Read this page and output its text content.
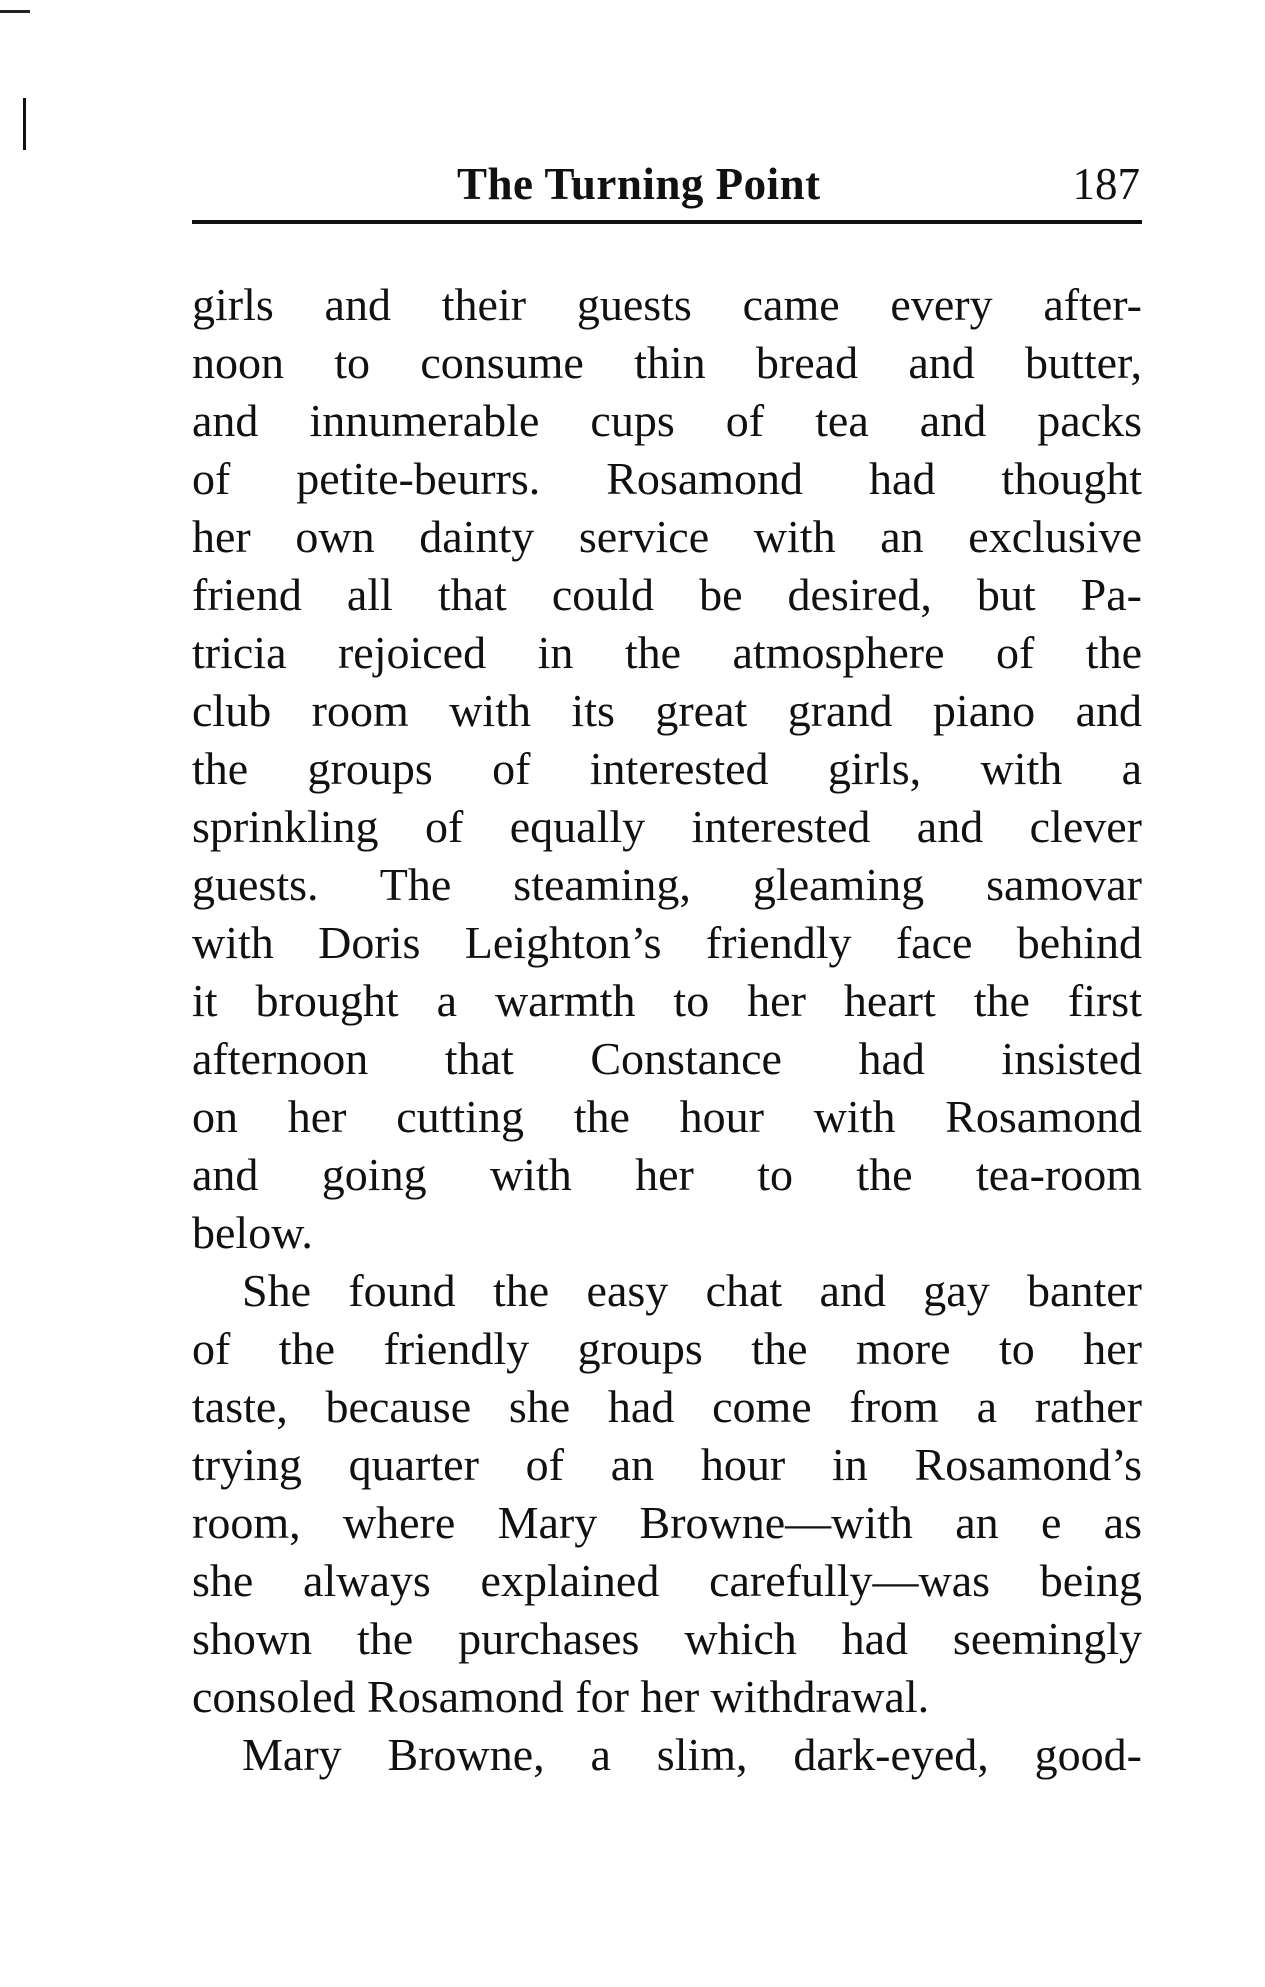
The Turning Point	187
girls and their guests came every after-
noon to consume thin bread and butter,
and innumerable cups of tea and packs
of petite-beurrs. Rosamond had thought
her own dainty service with an exclusive
friend all that could be desired, but Pa-
tricia rejoiced in the atmosphere of the
club room with its great grand piano and
the groups of interested girls, with a
sprinkling of equally interested and clever
guests. The steaming, gleaming samovar
with Doris Leighton’s friendly face behind
it brought a warmth to her heart the first
afternoon that Constance had insisted
on her cutting the hour with Rosamond
and going with her to the tea-room
below.
She found the easy chat and gay banter
of the friendly groups the more to her
taste, because she had come from a rather
trying quarter of an hour in Rosamond’s
room, where Mary Browne—with an e as
she always explained carefully—was being
shown the purchases which had seemingly
consoled Rosamond for her withdrawal.
Mary Browne, a slim, dark-eyed, good-
